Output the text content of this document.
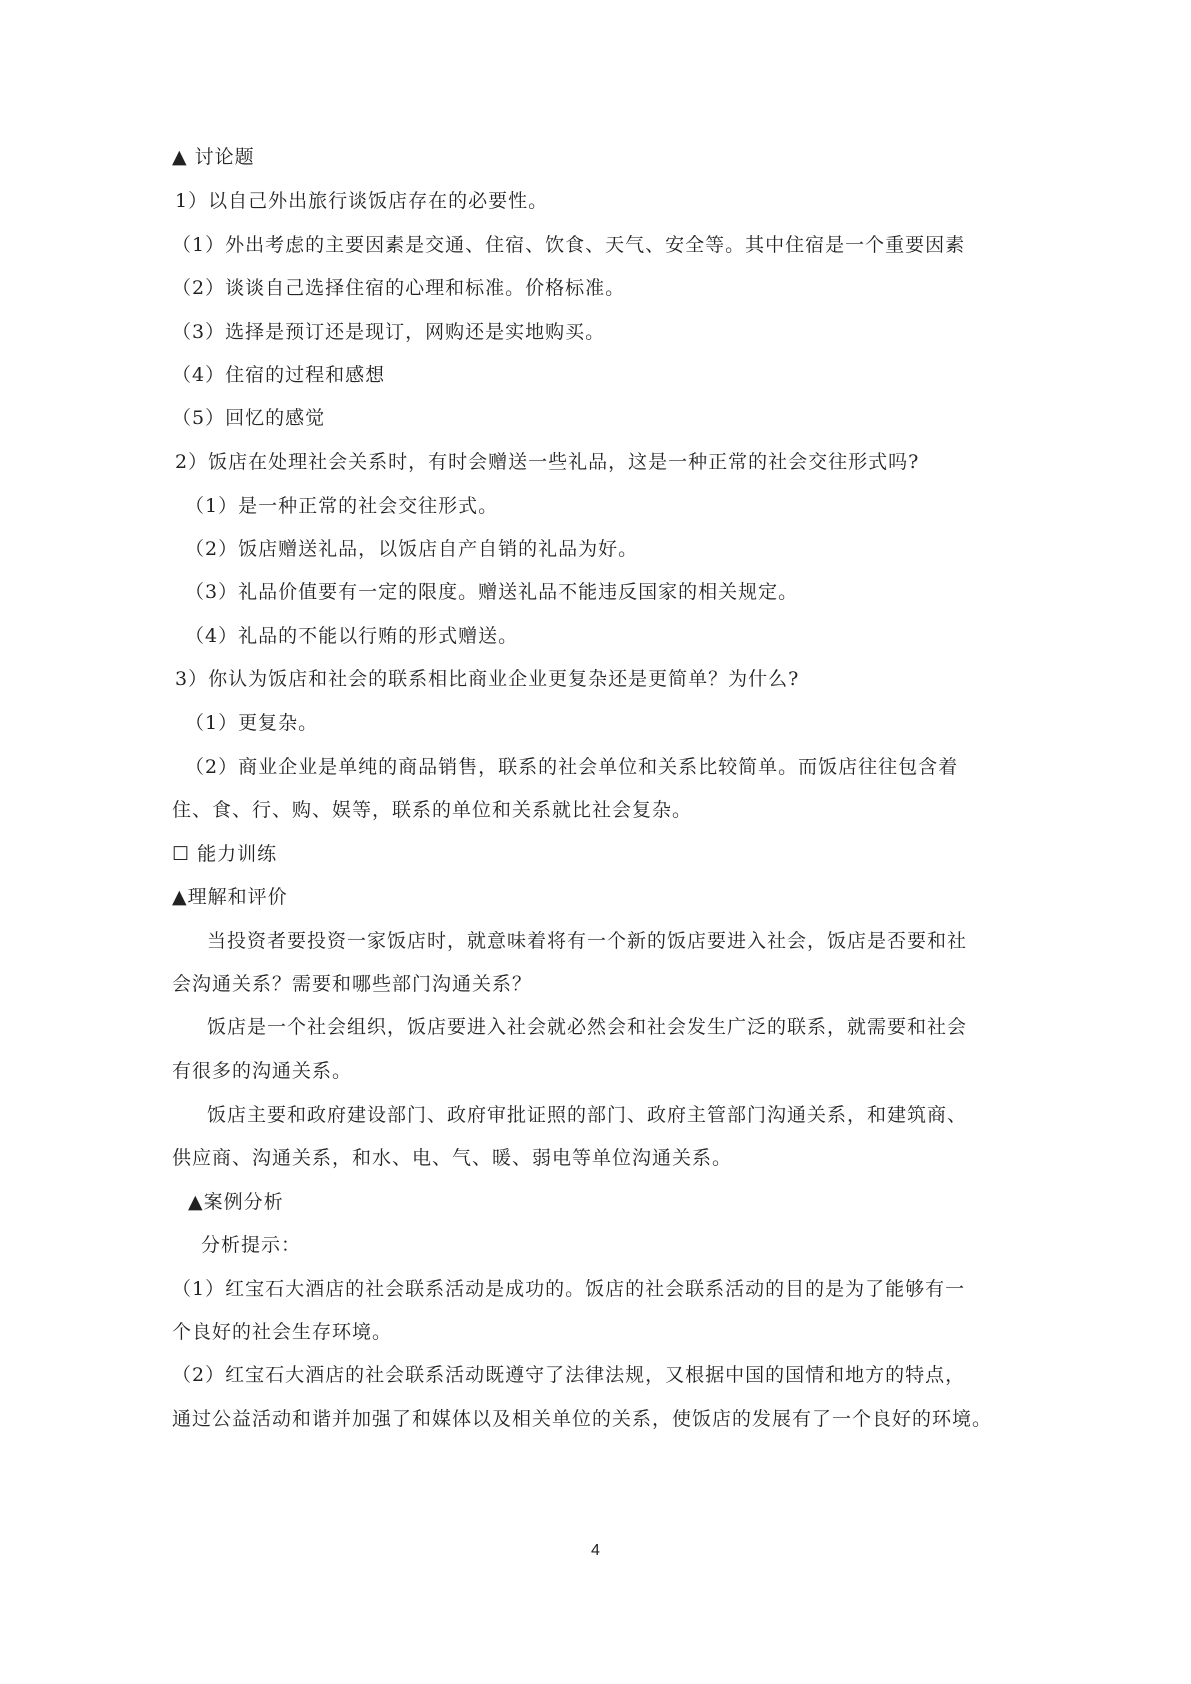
▲ 讨论题
1）以自己外出旅行谈饭店存在的必要性。
（1）外出考虑的主要因素是交通、住宿、饮食、天气、安全等。其中住宿是一个重要因素
（2）谈谈自己选择住宿的心理和标准。价格标准。
（3）选择是预订还是现订，网购还是实地购买。
（4）住宿的过程和感想
（5）回忆的感觉
2）饭店在处理社会关系时，有时会赠送一些礼品，这是一种正常的社会交往形式吗?
（1）是一种正常的社会交往形式。
（2）饭店赠送礼品，以饭店自产自销的礼品为好。
（3）礼品价值要有一定的限度。赠送礼品不能违反国家的相关规定。
（4）礼品的不能以行贿的形式赠送。
3）你认为饭店和社会的联系相比商业企业更复杂还是更简单？为什么?
（1）更复杂。
（2）商业企业是单纯的商品销售，联系的社会单位和关系比较简单。而饭店往往包含着
住、食、行、购、娱等，联系的单位和关系就比社会复杂。
☐ 能力训练
▲理解和评价
当投资者要投资一家饭店时，就意味着将有一个新的饭店要进入社会，饭店是否要和社
会沟通关系？需要和哪些部门沟通关系？
饭店是一个社会组织，饭店要进入社会就必然会和社会发生广泛的联系，就需要和社会
有很多的沟通关系。
饭店主要和政府建设部门、政府审批证照的部门、政府主管部门沟通关系，和建筑商、
供应商、沟通关系，和水、电、气、暖、弱电等单位沟通关系。
▲案例分析
分析提示：
（1）红宝石大酒店的社会联系活动是成功的。饭店的社会联系活动的目的是为了能够有一
个良好的社会生存环境。
（2）红宝石大酒店的社会联系活动既遵守了法律法规，又根据中国的国情和地方的特点，
通过公益活动和谐并加强了和媒体以及相关单位的关系，使饭店的发展有了一个良好的环境。
4
